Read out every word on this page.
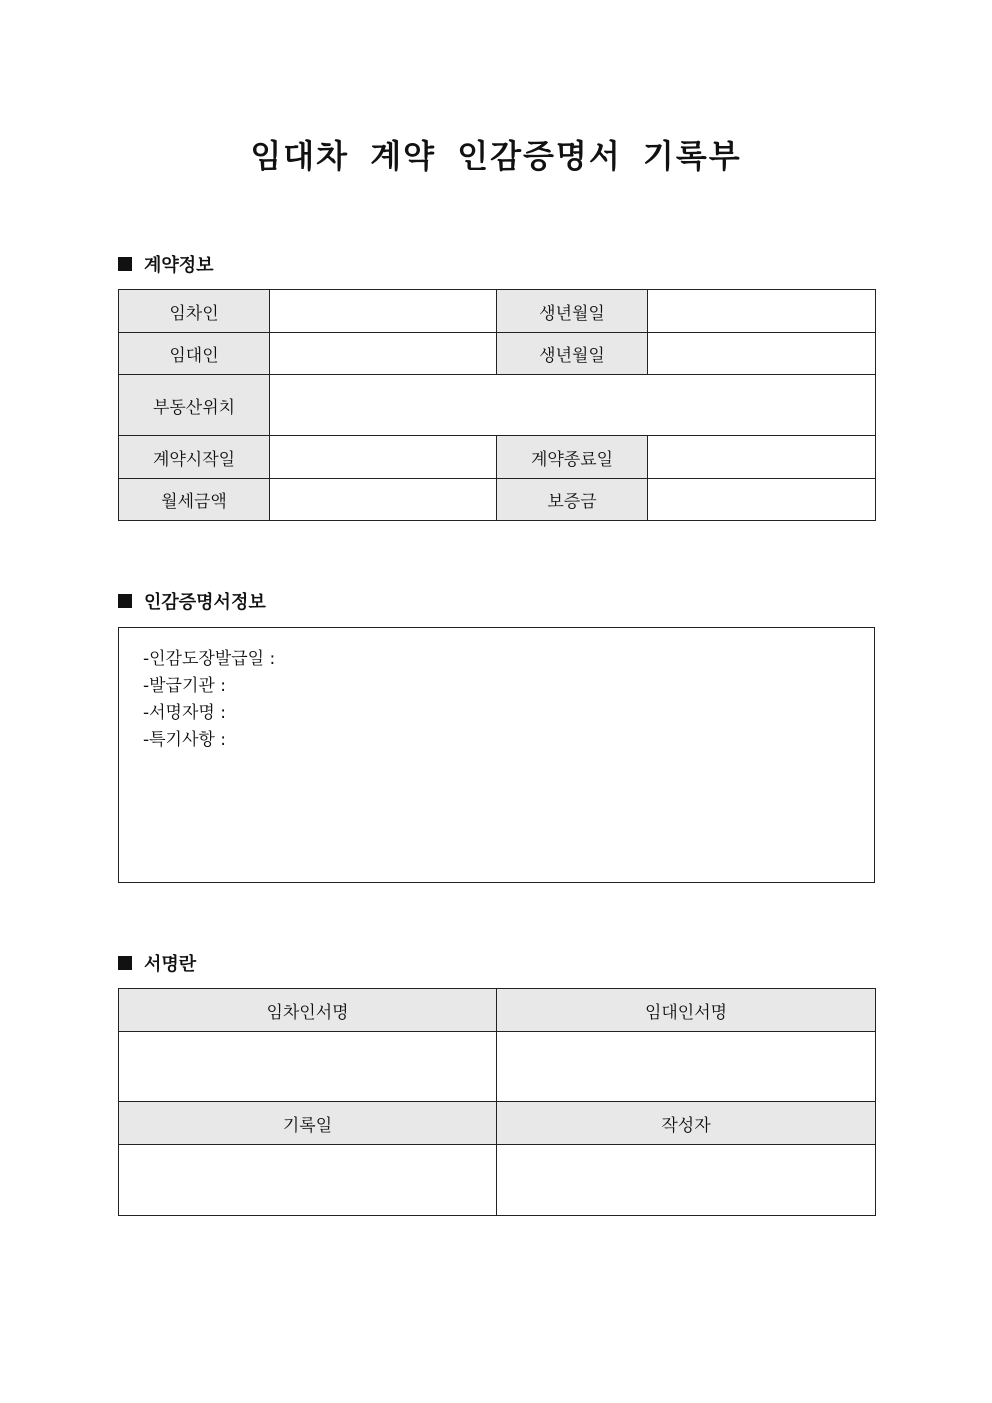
임대차 계약 인감증명서 기록부
계약정보
임차인		생년월일	
임대인		생년월일	
부동산위치			
계약시작일		계약종료일	
월세금액		보증금	
인감증명서정보
-인감도장발급일 :
-발급기관 :
-서명자명 :
-특기사항 :
서명란
임차인서명	임대인서명

기록일	작성자
